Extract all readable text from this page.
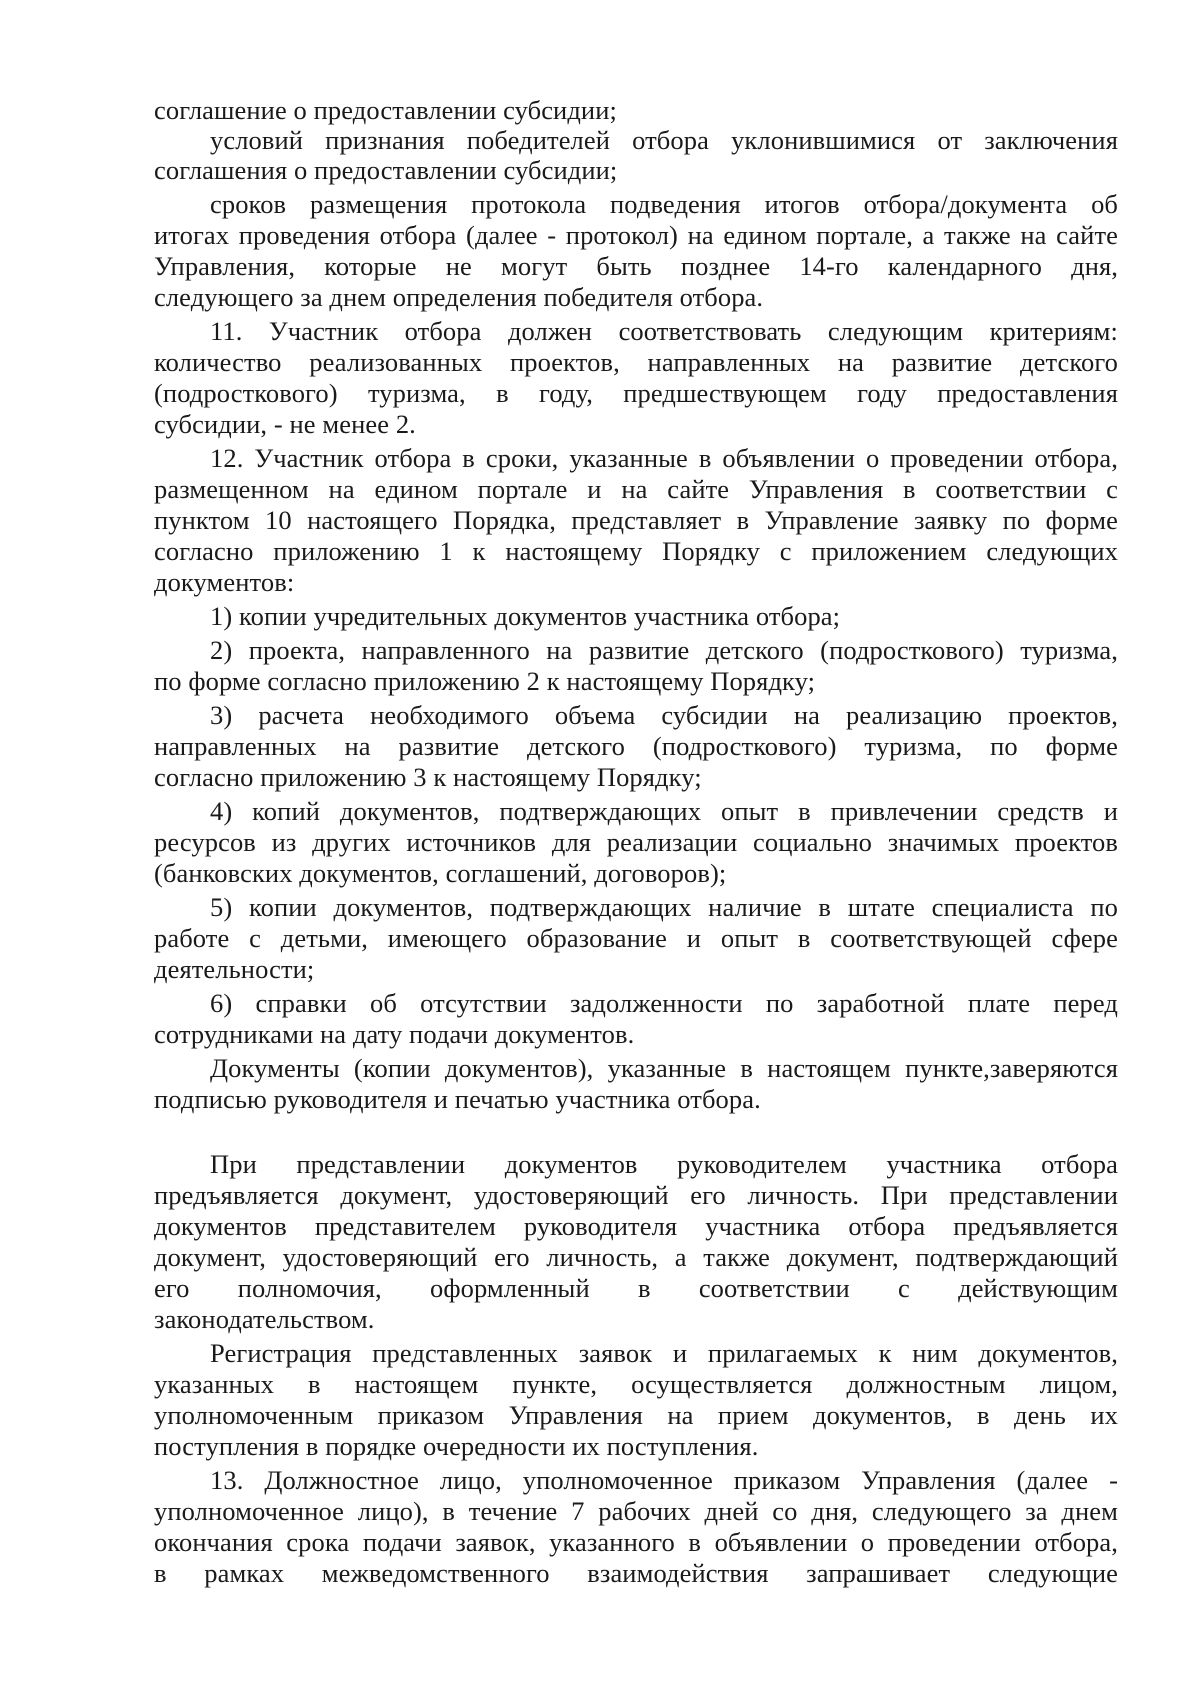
соглашение о предоставлении субсидии;
условий признания победителей отбора уклонившимися от заключения
соглашения о предоставлении субсидии;
сроков размещения протокола подведения итогов отбора/документа об
итогах проведения отбора (далее - протокол) на едином портале, а также на сайте
Управления, которые не могут быть позднее 14-го календарного дня,
следующего за днем определения победителя отбора.
11. Участник отбора должен соответствовать следующим критериям:
количество реализованных проектов, направленных на развитие детского
(подросткового) туризма, в году, предшествующем году предоставления
субсидии, - не менее 2.
12. Участник отбора в сроки, указанные в объявлении о проведении отбора,
размещенном на едином портале и на сайте Управления в соответствии с
пунктом 10 настоящего Порядка, представляет в Управление заявку по форме
согласно приложению 1 к настоящему Порядку с приложением следующих
документов:
1) копии учредительных документов участника отбора;
2) проекта, направленного на развитие детского (подросткового) туризма,
по форме согласно приложению 2 к настоящему Порядку;
3) расчета необходимого объема субсидии на реализацию проектов,
направленных на развитие детского (подросткового) туризма, по форме
согласно приложению 3 к настоящему Порядку;
4) копий документов, подтверждающих опыт в привлечении средств и
ресурсов из других источников для реализации социально значимых проектов
(банковских документов, соглашений, договоров);
5) копии документов, подтверждающих наличие в штате специалиста по
работе с детьми, имеющего образование и опыт в соответствующей сфере
деятельности;
6) справки об отсутствии задолженности по заработной плате перед
сотрудниками на дату подачи документов.
Документы (копии документов), указанные в настоящем пункте,заверяются
подписью руководителя и печатью участника отбора.
При представлении документов руководителем участника отбора
предъявляется документ, удостоверяющий его личность. При представлении
документов представителем руководителя участника отбора предъявляется
документ, удостоверяющий его личность, а также документ, подтверждающий
его полномочия, оформленный в соответствии с действующим
законодательством.
Регистрация представленных заявок и прилагаемых к ним документов,
указанных в настоящем пункте, осуществляется должностным лицом,
уполномоченным приказом Управления на прием документов, в день их
поступления в порядке очередности их поступления.
13. Должностное лицо, уполномоченное приказом Управления (далее -
уполномоченное лицо), в течение 7 рабочих дней со дня, следующего за днем
окончания срока подачи заявок, указанного в объявлении о проведении отбора,
в рамках межведомственного взаимодействия запрашивает следующие
